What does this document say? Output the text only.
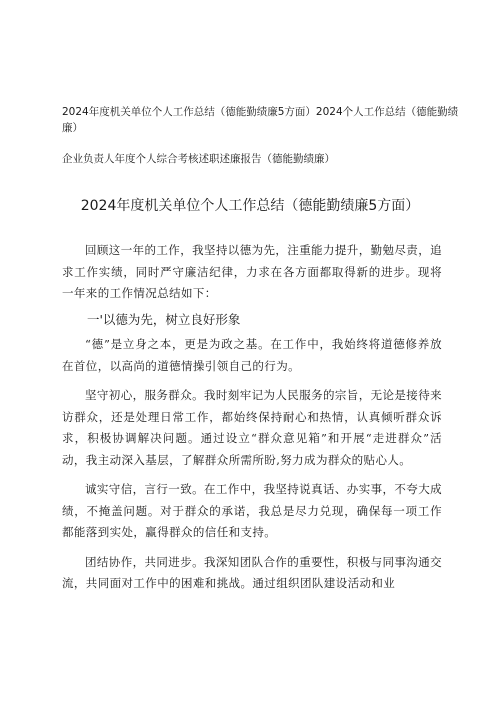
2024年度机关单位个人工作总结（德能勤绩廉5方面）2024个人工作总结（德能勤绩廉）
企业负责人年度个人综合考核述职述廉报告（德能勤绩廉）
2024年度机关单位个人工作总结（德能勤绩廉5方面）

回顾这一年的工作，我坚持以德为先，注重能力提升，勤勉尽责，追求工作实绩，同时严守廉洁纪律，力求在各方面都取得新的进步。现将一年来的工作情况总结如下：

一'以德为先，树立良好形象

“德”是立身之本，更是为政之基。在工作中，我始终将道德修养放在首位，以高尚的道德情操引领自己的行为。

坚守初心，服务群众。我时刻牢记为人民服务的宗旨，无论是接待来访群众，还是处理日常工作，都始终保持耐心和热情，认真倾听群众诉求，积极协调解决问题。通过设立“群众意见箱”和开展“走进群众”活动，我主动深入基层，了解群众所需所盼,努力成为群众的贴心人。

诚实守信，言行一致。在工作中，我坚持说真话、办实事，不夸大成绩，不掩盖问题。对于群众的承诺，我总是尽力兑现，确保每一项工作都能落到实处，赢得群众的信任和支持。

团结协作，共同进步。我深知团队合作的重要性，积极与同事沟通交流，共同面对工作中的困难和挑战。通过组织团队建设活动和业
